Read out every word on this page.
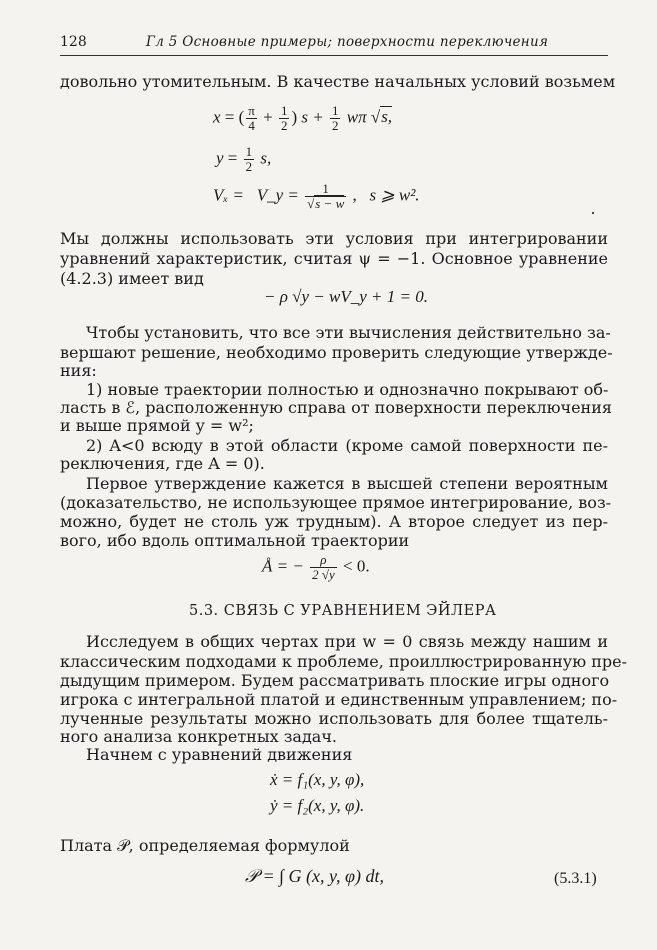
128	Гл 5 Основные примеры; поверхности переключения
довольно утомительным. В качестве начальных условий возьмем
x = ( $\frac{\pi}{4} + \frac{1}{2}$ ) $s + \frac{1}{2}$ wπ √s,
$y = \frac{1}{2} s$,
Vₓ = V_y = $\frac{1}{√s - w}$ ,   s ⩾ w².
Мы должны использовать эти условия при интегрировании
уравнений характеристик, считая ψ = −1. Основное уравнение
(4.2.3) имеет вид
− ρ √y − wV_y + 1 = 0.
Чтобы установить, что все эти вычисления действительно за-
вершают решение, необходимо проверить следующие утвержде-
ния:
1) новые траектории полностью и однозначно покрывают об-
ласть в ℰ, расположенную справа от поверхности переключения
и выше прямой y = w²;
2) A<0 всюду в этой области (кроме самой поверхности пе-
реключения, где A = 0).
Первое утверждение кажется в высшей степени вероятным
(доказательство, не использующее прямое интегрирование, воз-
можно, будет не столь уж трудным). А второе следует из пер-
вого, ибо вдоль оптимальной траектории
Å = − $\frac{\rho}{2 √y} < 0$.
5.3. СВЯЗЬ С УРАВНЕНИЕМ ЭЙЛЕРА
Исследуем в общих чертах при w = 0 связь между нашим и
классическим подходами к проблеме, проиллюстрированную пре-
дыдущим примером. Будем рассматривать плоские игры одного
игрока с интегральной платой и единственным управлением; по-
лученные результаты можно использовать для более тщатель-
ного анализа конкретных задач.
Начнем с уравнений движения
ẋ = f₁(x, y, φ),
ẏ = f₂(x, y, φ).
Плата 𝒫, определяемая формулой
𝒫 = ∫ G (x, y, φ) dt,	(5.3.1)
